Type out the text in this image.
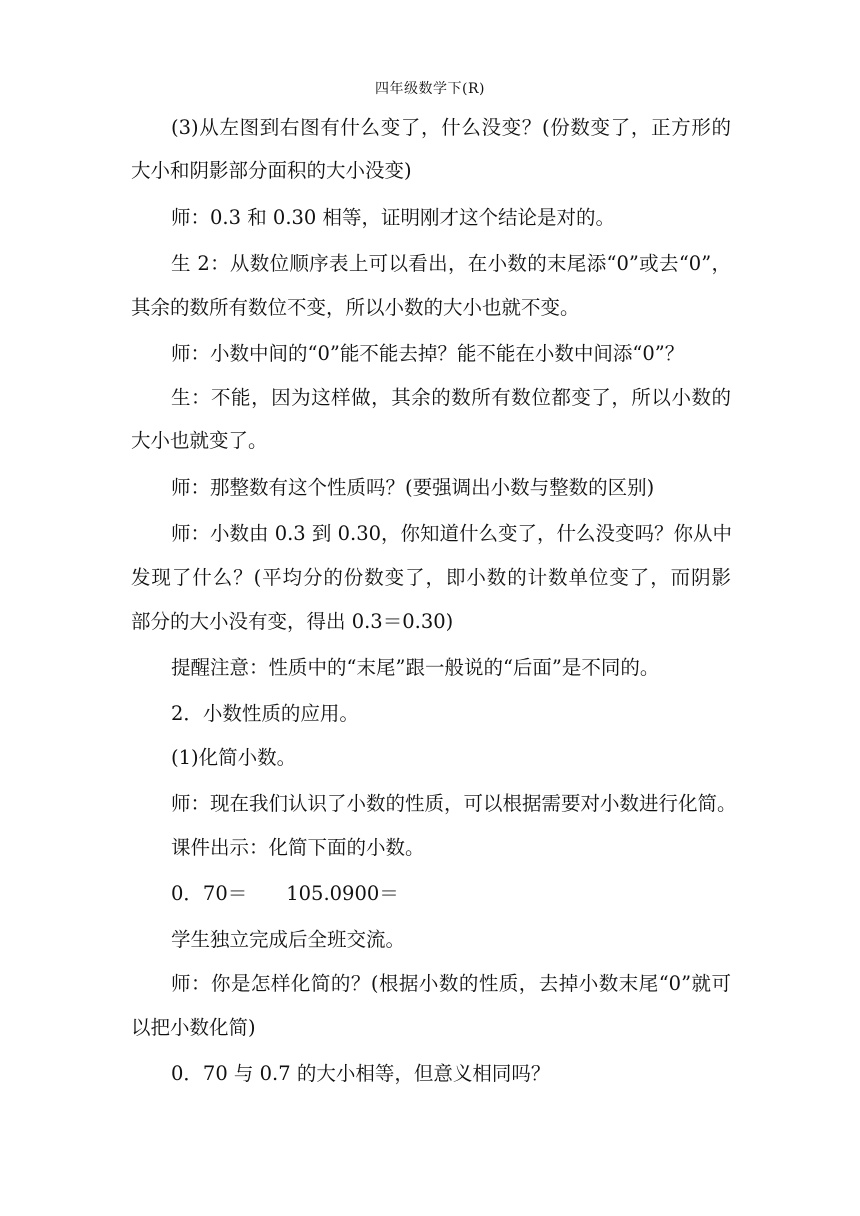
四年级数学下(R)
(3)从左图到右图有什么变了，什么没变？(份数变了，正方形的
大小和阴影部分面积的大小没变)
师：0.3 和 0.30 相等，证明刚才这个结论是对的。
生 2：从数位顺序表上可以看出，在小数的末尾添“0”或去“0”，
其余的数所有数位不变，所以小数的大小也就不变。
师：小数中间的“0”能不能去掉？能不能在小数中间添“0”？
生：不能，因为这样做，其余的数所有数位都变了，所以小数的
大小也就变了。
师：那整数有这个性质吗？(要强调出小数与整数的区别)
师：小数由 0.3 到 0.30，你知道什么变了，什么没变吗？你从中
发现了什么？(平均分的份数变了，即小数的计数单位变了，而阴影
部分的大小没有变，得出 0.3＝0.30)
提醒注意：性质中的“末尾”跟一般说的“后面”是不同的。
2．小数性质的应用。
(1)化简小数。
师：现在我们认识了小数的性质，可以根据需要对小数进行化简。
课件出示：化简下面的小数。
0．70＝　　105.0900＝
学生独立完成后全班交流。
师：你是怎样化简的？(根据小数的性质，去掉小数末尾“0”就可
以把小数化简)
0．70 与 0.7 的大小相等，但意义相同吗？
